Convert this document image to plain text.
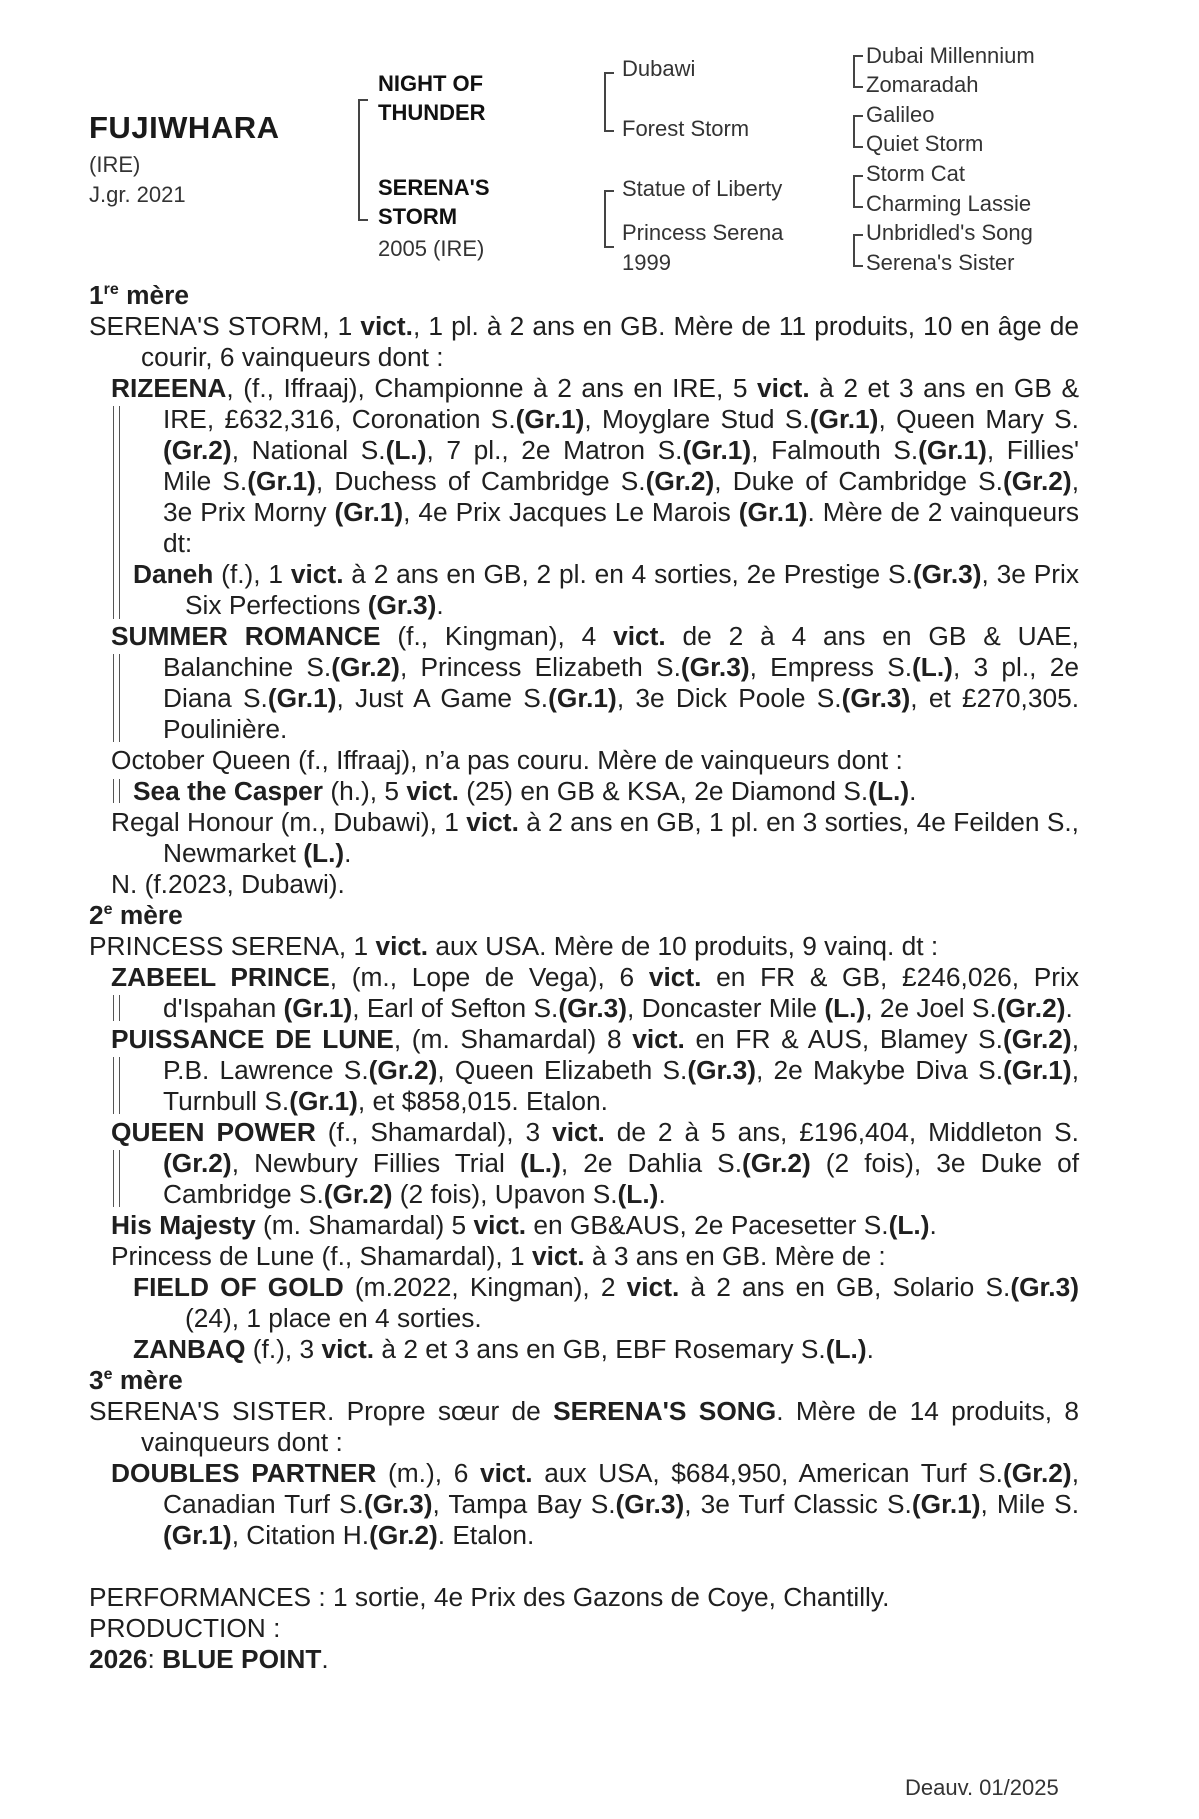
FUJIWHARA
(IRE)
J.gr. 2021
NIGHT OF
THUNDER
SERENA'S
STORM
2005 (IRE)
Dubawi
Forest Storm
Statue of Liberty
Princess Serena
1999
Dubai Millennium
Zomaradah
Galileo
Quiet Storm
Storm Cat
Charming Lassie
Unbridled's Song
Serena's Sister
1re mère

SERENA'S STORM, 1 vict., 1 pl. à 2 ans en GB. Mère de 11 produits, 10 en âge de courir, 6 vainqueurs dont :

RIZEENA, (f., Iffraaj), Championne à 2 ans en IRE, 5 vict. à 2 et 3 ans en GB & IRE, £632,316, Coronation S.(Gr.1), Moyglare Stud S.(Gr.1), Queen Mary S.(Gr.2), National S.(L.), 7 pl., 2e Matron S.(Gr.1), Falmouth S.(Gr.1), Fillies' Mile S.(Gr.1), Duchess of Cambridge S.(Gr.2), Duke of Cambridge S.(Gr.2), 3e Prix Morny (Gr.1), 4e Prix Jacques Le Marois (Gr.1). Mère de 2 vainqueurs dt:

Daneh (f.), 1 vict. à 2 ans en GB, 2 pl. en 4 sorties, 2e Prestige S.(Gr.3), 3e Prix Six Perfections (Gr.3).

SUMMER ROMANCE (f., Kingman), 4 vict. de 2 à 4 ans en GB & UAE, Balanchine S.(Gr.2), Princess Elizabeth S.(Gr.3), Empress S.(L.), 3 pl., 2e Diana S.(Gr.1), Just A Game S.(Gr.1), 3e Dick Poole S.(Gr.3), et £270,305. Poulinière.

October Queen (f., Iffraaj), n’a pas couru. Mère de vainqueurs dont :

Sea the Casper (h.), 5 vict. (25) en GB & KSA, 2e Diamond S.(L.).

Regal Honour (m., Dubawi), 1 vict. à 2 ans en GB, 1 pl. en 3 sorties, 4e Feilden S., Newmarket (L.).

N. (f.2023, Dubawi).

2e mère

PRINCESS SERENA, 1 vict. aux USA. Mère de 10 produits, 9 vainq. dt :

ZABEEL PRINCE, (m., Lope de Vega), 6 vict. en FR & GB, £246,026, Prix d'Ispahan (Gr.1), Earl of Sefton S.(Gr.3), Doncaster Mile (L.), 2e Joel S.(Gr.2).

PUISSANCE DE LUNE, (m. Shamardal) 8 vict. en FR & AUS, Blamey S.(Gr.2), P.B. Lawrence S.(Gr.2), Queen Elizabeth S.(Gr.3), 2e Makybe Diva S.(Gr.1), Turnbull S.(Gr.1), et $858,015. Etalon.

QUEEN POWER (f., Shamardal), 3 vict. de 2 à 5 ans, £196,404, Middleton S.(Gr.2), Newbury Fillies Trial (L.), 2e Dahlia S.(Gr.2) (2 fois), 3e Duke of Cambridge S.(Gr.2) (2 fois), Upavon S.(L.).

His Majesty (m. Shamardal) 5 vict. en GB&AUS, 2e Pacesetter S.(L.).

Princess de Lune (f., Shamardal), 1 vict. à 3 ans en GB. Mère de :

FIELD OF GOLD (m.2022, Kingman), 2 vict. à 2 ans en GB, Solario S.(Gr.3) (24), 1 place en 4 sorties.

ZANBAQ (f.), 3 vict. à 2 et 3 ans en GB, EBF Rosemary S.(L.).

3e mère

SERENA'S SISTER. Propre sœur de SERENA'S SONG. Mère de 14 produits, 8 vainqueurs dont :

DOUBLES PARTNER (m.), 6 vict. aux USA, $684,950, American Turf S.(Gr.2), Canadian Turf S.(Gr.3), Tampa Bay S.(Gr.3), 3e Turf Classic S.(Gr.1), Mile S.(Gr.1), Citation H.(Gr.2). Etalon.

PERFORMANCES : 1 sortie, 4e Prix des Gazons de Coye, Chantilly.

PRODUCTION :

2026: BLUE POINT.

Deauv. 01/2025
